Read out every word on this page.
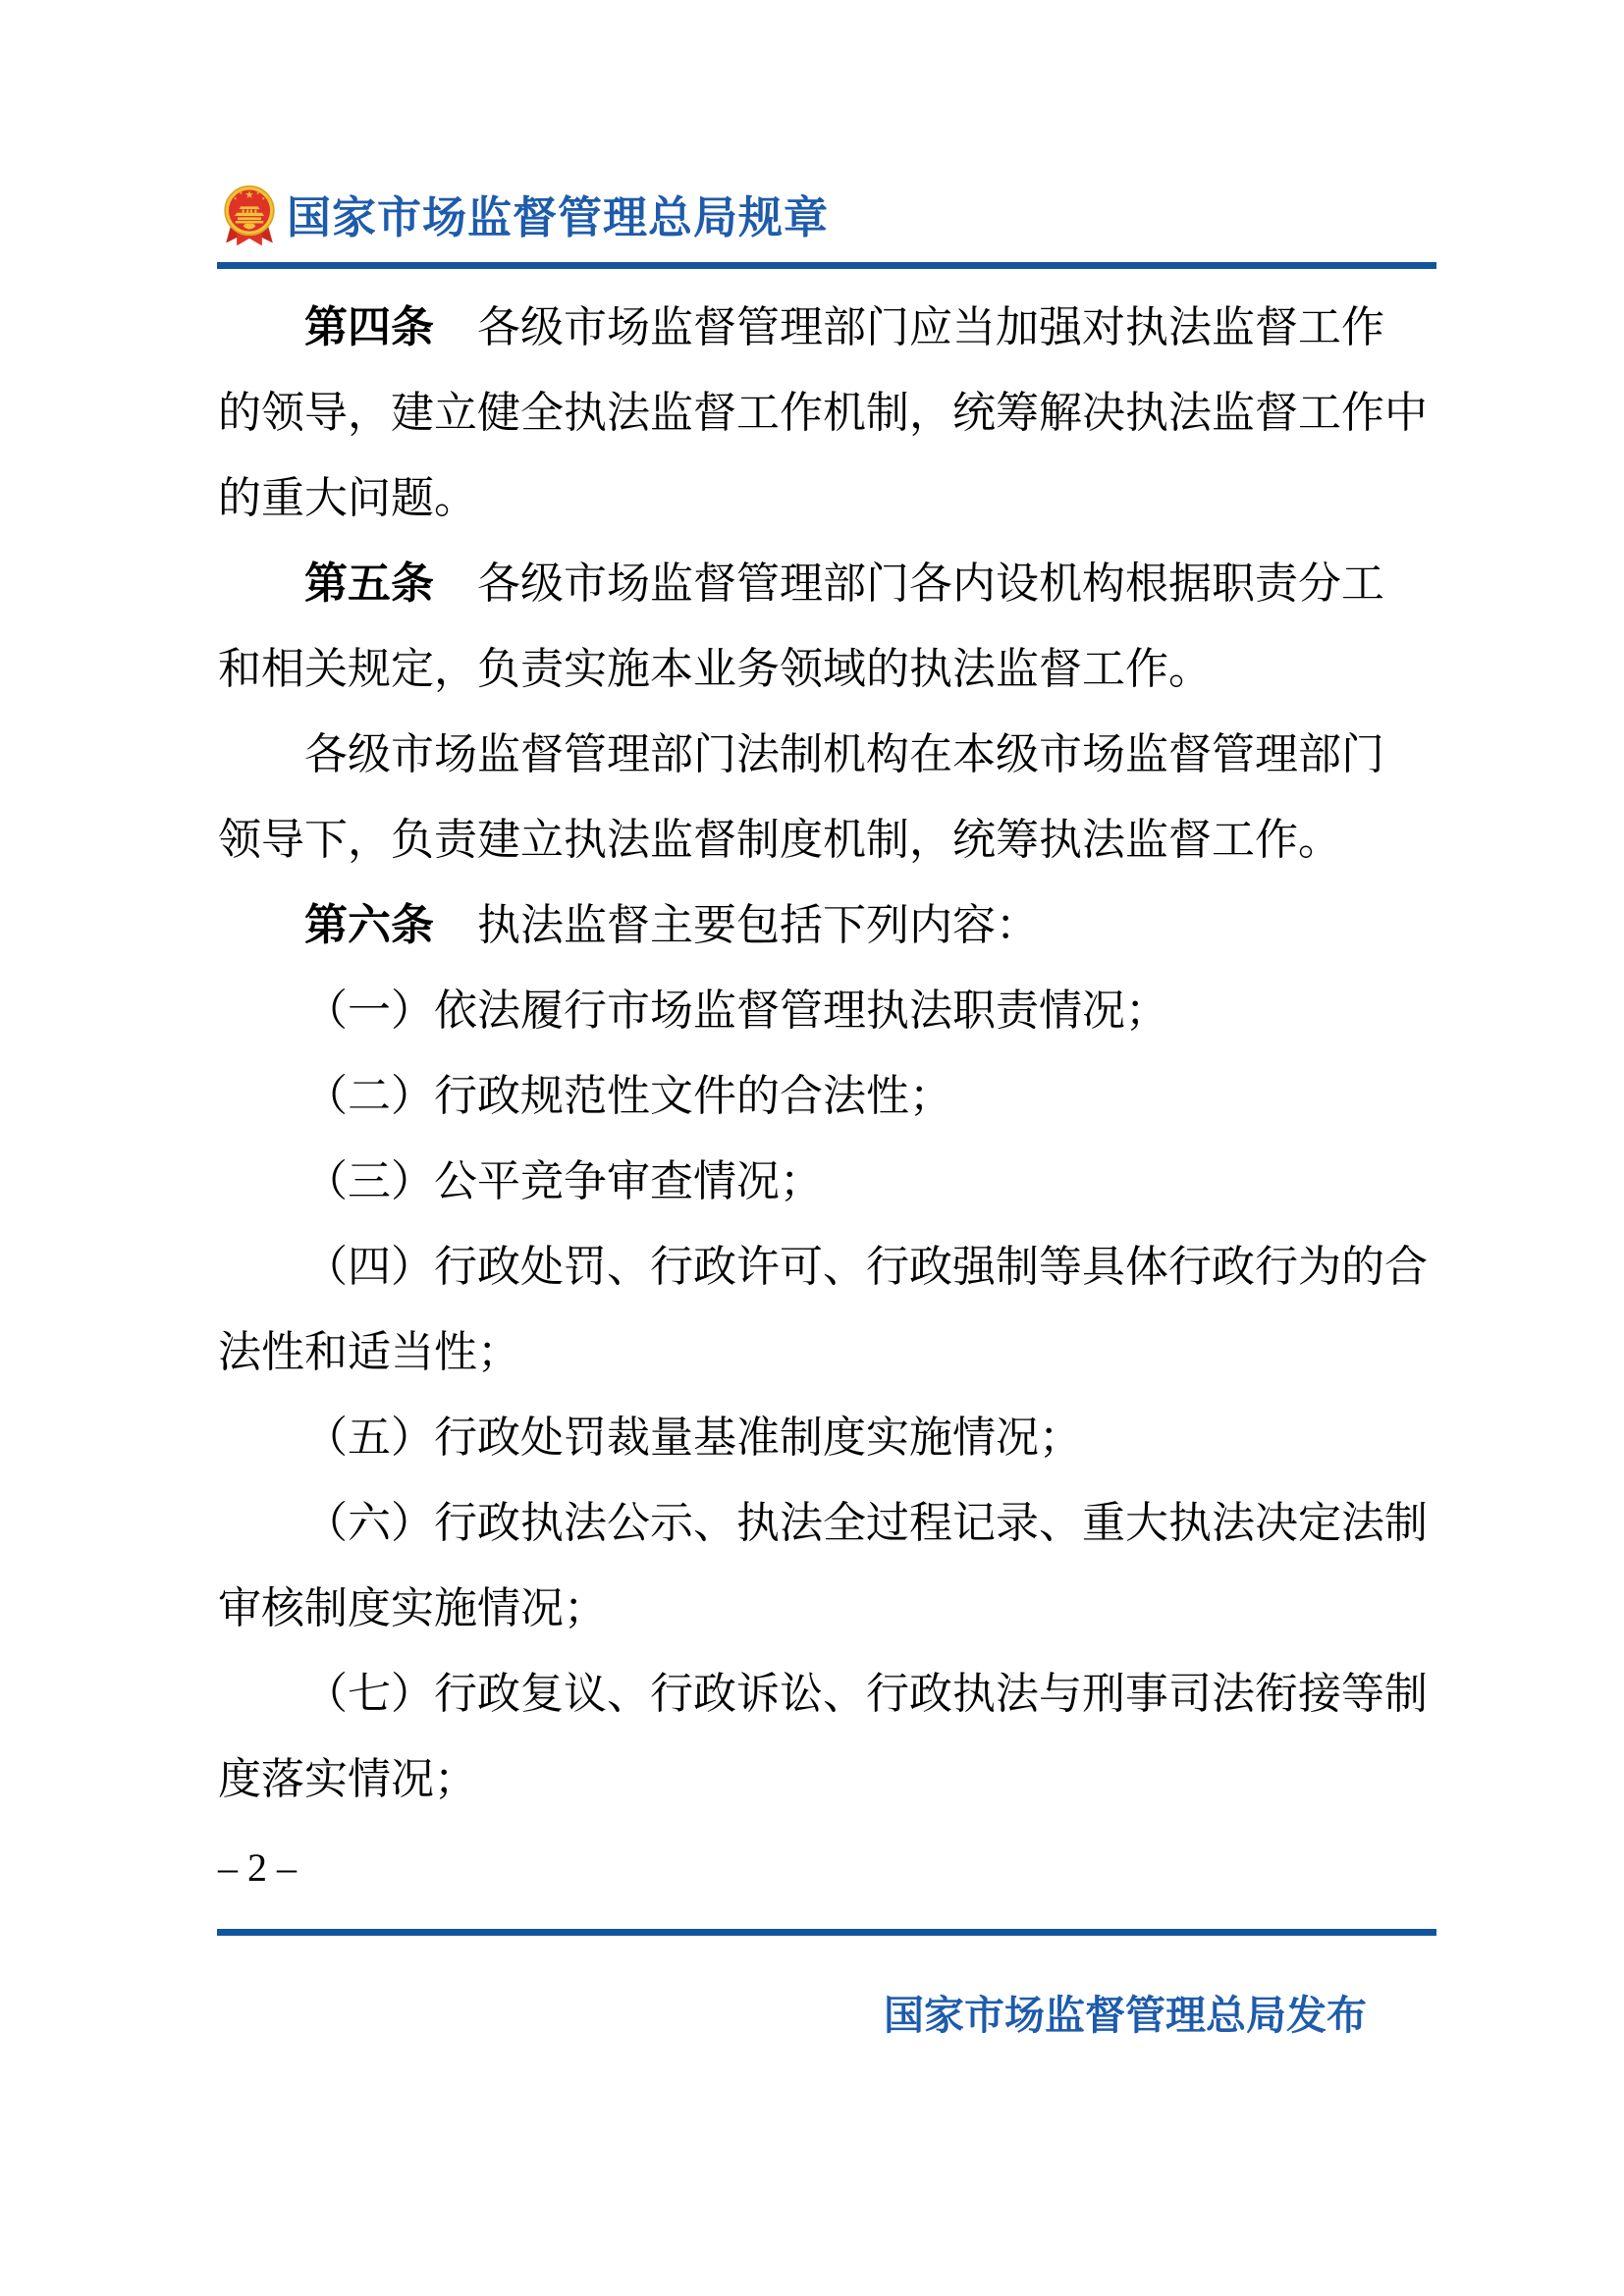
国家市场监督管理总局规章
第四条　各级市场监督管理部门应当加强对执法监督工作
的领导，建立健全执法监督工作机制，统筹解决执法监督工作中
的重大问题。
第五条　各级市场监督管理部门各内设机构根据职责分工
和相关规定，负责实施本业务领域的执法监督工作。
各级市场监督管理部门法制机构在本级市场监督管理部门
领导下，负责建立执法监督制度机制，统筹执法监督工作。
第六条　执法监督主要包括下列内容：
（一）依法履行市场监督管理执法职责情况；
（二）行政规范性文件的合法性；
（三）公平竞争审查情况；
（四）行政处罚、行政许可、行政强制等具体行政行为的合
法性和适当性；
（五）行政处罚裁量基准制度实施情况；
（六）行政执法公示、执法全过程记录、重大执法决定法制
审核制度实施情况；
（七）行政复议、行政诉讼、行政执法与刑事司法衔接等制
度落实情况；
– 2 –
国家市场监督管理总局发布
